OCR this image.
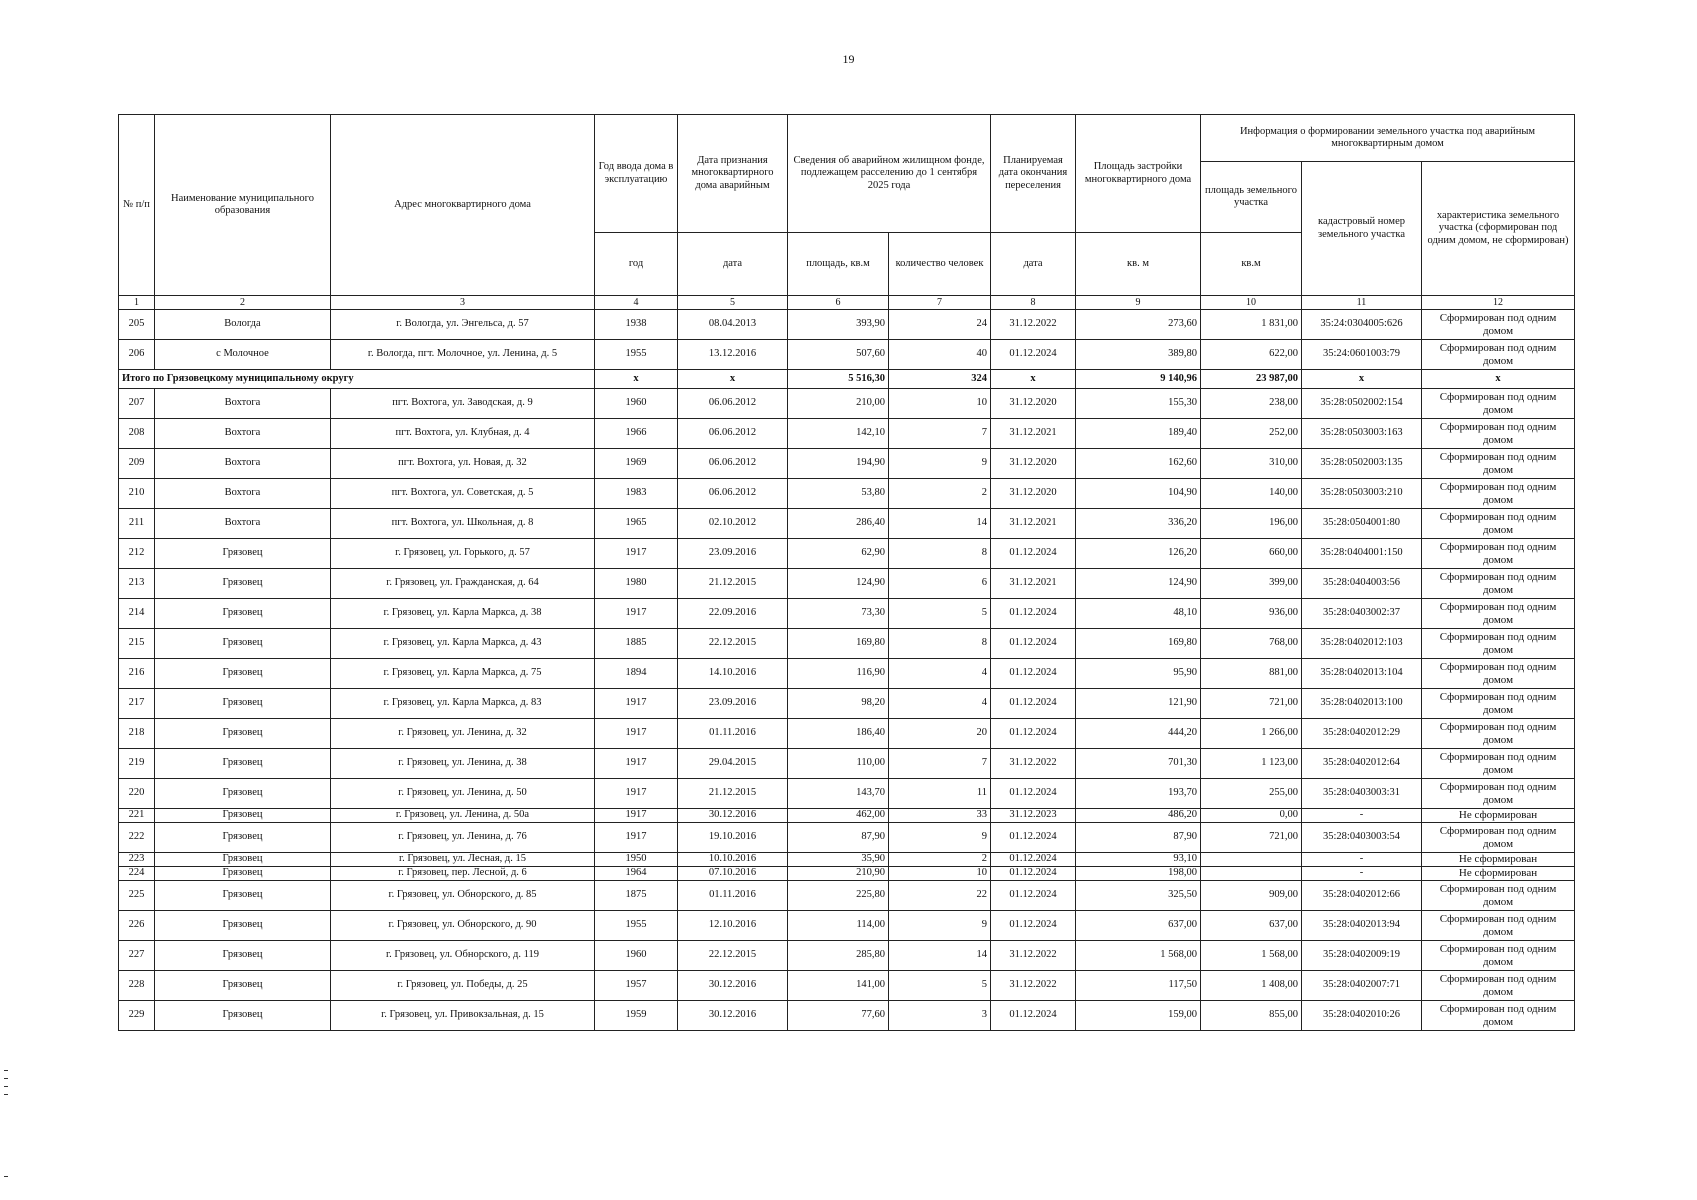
19
№ п/п	Наименование муниципального образования	Адрес многоквартирного дома	Год ввода дома в эксплуатацию	Дата признания многоквартирного дома аварийным	Сведения об аварийном жилищном фонде, подлежащем расселению до 1 сентября 2025 года		Планируемая дата окончания переселения	Площадь застройки многоквартирного дома	Информация о формировании земельного участка под аварийным многоквартирным домом		
									площадь земельного участка	кадастровый номер земельного участка	характеристика земельного участка (сформирован под одним домом, не сформирован)
			год	дата	площадь, кв.м	количество человек	дата	кв. м	кв.м		
1	2	3	4	5	6	7	8	9	10	11	12
205	Вологда	г. Вологда, ул. Энгельса, д. 57	1938	08.04.2013	393,90	24	31.12.2022	273,60	1 831,00	35:24:0304005:626	Сформирован под одним домом
206	с Молочное	г. Вологда, пгт. Молочное, ул. Ленина, д. 5	1955	13.12.2016	507,60	40	01.12.2024	389,80	622,00	35:24:0601003:79	Сформирован под одним домом
Итого по Грязовецкому муниципальному округу			x	x	5 516,30	324	x	9 140,96	23 987,00	x	x
207	Вохтога	пгт. Вохтога, ул. Заводская, д. 9	1960	06.06.2012	210,00	10	31.12.2020	155,30	238,00	35:28:0502002:154	Сформирован под одним домом
208	Вохтога	пгт. Вохтога, ул. Клубная, д. 4	1966	06.06.2012	142,10	7	31.12.2021	189,40	252,00	35:28:0503003:163	Сформирован под одним домом
209	Вохтога	пгт. Вохтога, ул. Новая, д. 32	1969	06.06.2012	194,90	9	31.12.2020	162,60	310,00	35:28:0502003:135	Сформирован под одним домом
210	Вохтога	пгт. Вохтога, ул. Советская, д. 5	1983	06.06.2012	53,80	2	31.12.2020	104,90	140,00	35:28:0503003:210	Сформирован под одним домом
211	Вохтога	пгт. Вохтога, ул. Школьная, д. 8	1965	02.10.2012	286,40	14	31.12.2021	336,20	196,00	35:28:0504001:80	Сформирован под одним домом
212	Грязовец	г. Грязовец, ул. Горького, д. 57	1917	23.09.2016	62,90	8	01.12.2024	126,20	660,00	35:28:0404001:150	Сформирован под одним домом
213	Грязовец	г. Грязовец, ул. Гражданская, д. 64	1980	21.12.2015	124,90	6	31.12.2021	124,90	399,00	35:28:0404003:56	Сформирован под одним домом
214	Грязовец	г. Грязовец, ул. Карла Маркса, д. 38	1917	22.09.2016	73,30	5	01.12.2024	48,10	936,00	35:28:0403002:37	Сформирован под одним домом
215	Грязовец	г. Грязовец, ул. Карла Маркса, д. 43	1885	22.12.2015	169,80	8	01.12.2024	169,80	768,00	35:28:0402012:103	Сформирован под одним домом
216	Грязовец	г. Грязовец, ул. Карла Маркса, д. 75	1894	14.10.2016	116,90	4	01.12.2024	95,90	881,00	35:28:0402013:104	Сформирован под одним домом
217	Грязовец	г. Грязовец, ул. Карла Маркса, д. 83	1917	23.09.2016	98,20	4	01.12.2024	121,90	721,00	35:28:0402013:100	Сформирован под одним домом
218	Грязовец	г. Грязовец, ул. Ленина, д. 32	1917	01.11.2016	186,40	20	01.12.2024	444,20	1 266,00	35:28:0402012:29	Сформирован под одним домом
219	Грязовец	г. Грязовец, ул. Ленина, д. 38	1917	29.04.2015	110,00	7	31.12.2022	701,30	1 123,00	35:28:0402012:64	Сформирован под одним домом
220	Грязовец	г. Грязовец, ул. Ленина, д. 50	1917	21.12.2015	143,70	11	01.12.2024	193,70	255,00	35:28:0403003:31	Сформирован под одним домом
221	Грязовец	г. Грязовец, ул. Ленина, д. 50а	1917	30.12.2016	462,00	33	31.12.2023	486,20	0,00	-	Не сформирован
222	Грязовец	г. Грязовец, ул. Ленина, д. 76	1917	19.10.2016	87,90	9	01.12.2024	87,90	721,00	35:28:0403003:54	Сформирован под одним домом
223	Грязовец	г. Грязовец, ул. Лесная, д. 15	1950	10.10.2016	35,90	2	01.12.2024	93,10		-	Не сформирован
224	Грязовец	г. Грязовец, пер. Лесной, д. 6	1964	07.10.2016	210,90	10	01.12.2024	198,00		-	Не сформирован
225	Грязовец	г. Грязовец, ул. Обнорского, д. 85	1875	01.11.2016	225,80	22	01.12.2024	325,50	909,00	35:28:0402012:66	Сформирован под одним домом
226	Грязовец	г. Грязовец, ул. Обнорского, д. 90	1955	12.10.2016	114,00	9	01.12.2024	637,00	637,00	35:28:0402013:94	Сформирован под одним домом
227	Грязовец	г. Грязовец, ул. Обнорского, д. 119	1960	22.12.2015	285,80	14	31.12.2022	1 568,00	1 568,00	35:28:0402009:19	Сформирован под одним домом
228	Грязовец	г. Грязовец, ул. Победы, д. 25	1957	30.12.2016	141,00	5	31.12.2022	117,50	1 408,00	35:28:0402007:71	Сформирован под одним домом
229	Грязовец	г. Грязовец, ул. Привокзальная, д. 15	1959	30.12.2016	77,60	3	01.12.2024	159,00	855,00	35:28:0402010:26	Сформирован под одним домом
